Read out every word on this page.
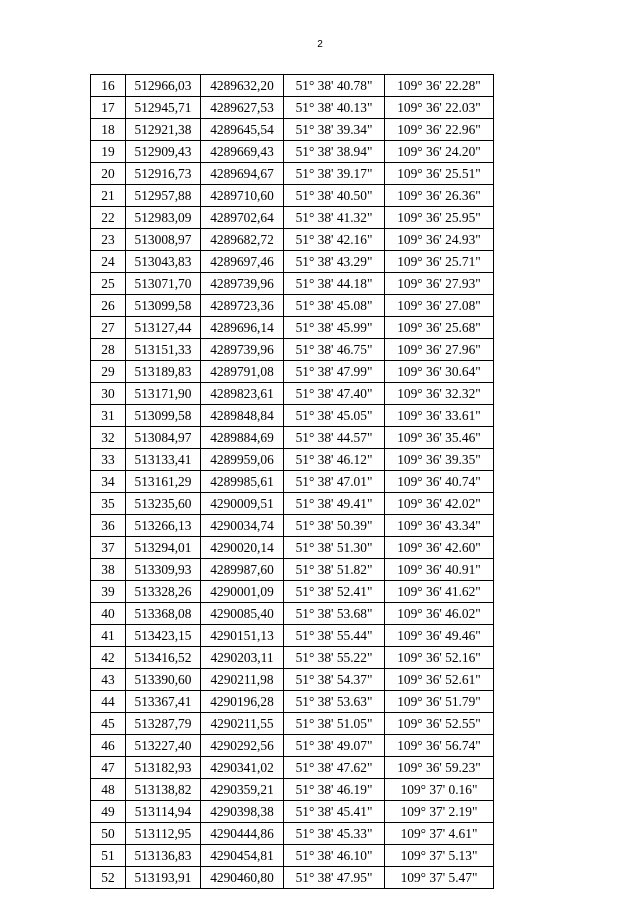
2
16	512966,03	4289632,20	51° 38' 40.78"	109° 36' 22.28"
17	512945,71	4289627,53	51° 38' 40.13"	109° 36' 22.03"
18	512921,38	4289645,54	51° 38' 39.34"	109° 36' 22.96"
19	512909,43	4289669,43	51° 38' 38.94"	109° 36' 24.20"
20	512916,73	4289694,67	51° 38' 39.17"	109° 36' 25.51"
21	512957,88	4289710,60	51° 38' 40.50"	109° 36' 26.36"
22	512983,09	4289702,64	51° 38' 41.32"	109° 36' 25.95"
23	513008,97	4289682,72	51° 38' 42.16"	109° 36' 24.93"
24	513043,83	4289697,46	51° 38' 43.29"	109° 36' 25.71"
25	513071,70	4289739,96	51° 38' 44.18"	109° 36' 27.93"
26	513099,58	4289723,36	51° 38' 45.08"	109° 36' 27.08"
27	513127,44	4289696,14	51° 38' 45.99"	109° 36' 25.68"
28	513151,33	4289739,96	51° 38' 46.75"	109° 36' 27.96"
29	513189,83	4289791,08	51° 38' 47.99"	109° 36' 30.64"
30	513171,90	4289823,61	51° 38' 47.40"	109° 36' 32.32"
31	513099,58	4289848,84	51° 38' 45.05"	109° 36' 33.61"
32	513084,97	4289884,69	51° 38' 44.57"	109° 36' 35.46"
33	513133,41	4289959,06	51° 38' 46.12"	109° 36' 39.35"
34	513161,29	4289985,61	51° 38' 47.01"	109° 36' 40.74"
35	513235,60	4290009,51	51° 38' 49.41"	109° 36' 42.02"
36	513266,13	4290034,74	51° 38' 50.39"	109° 36' 43.34"
37	513294,01	4290020,14	51° 38' 51.30"	109° 36' 42.60"
38	513309,93	4289987,60	51° 38' 51.82"	109° 36' 40.91"
39	513328,26	4290001,09	51° 38' 52.41"	109° 36' 41.62"
40	513368,08	4290085,40	51° 38' 53.68"	109° 36' 46.02"
41	513423,15	4290151,13	51° 38' 55.44"	109° 36' 49.46"
42	513416,52	4290203,11	51° 38' 55.22"	109° 36' 52.16"
43	513390,60	4290211,98	51° 38' 54.37"	109° 36' 52.61"
44	513367,41	4290196,28	51° 38' 53.63"	109° 36' 51.79"
45	513287,79	4290211,55	51° 38' 51.05"	109° 36' 52.55"
46	513227,40	4290292,56	51° 38' 49.07"	109° 36' 56.74"
47	513182,93	4290341,02	51° 38' 47.62"	109° 36' 59.23"
48	513138,82	4290359,21	51° 38' 46.19"	109° 37' 0.16"
49	513114,94	4290398,38	51° 38' 45.41"	109° 37' 2.19"
50	513112,95	4290444,86	51° 38' 45.33"	109° 37' 4.61"
51	513136,83	4290454,81	51° 38' 46.10"	109° 37' 5.13"
52	513193,91	4290460,80	51° 38' 47.95"	109° 37' 5.47"
